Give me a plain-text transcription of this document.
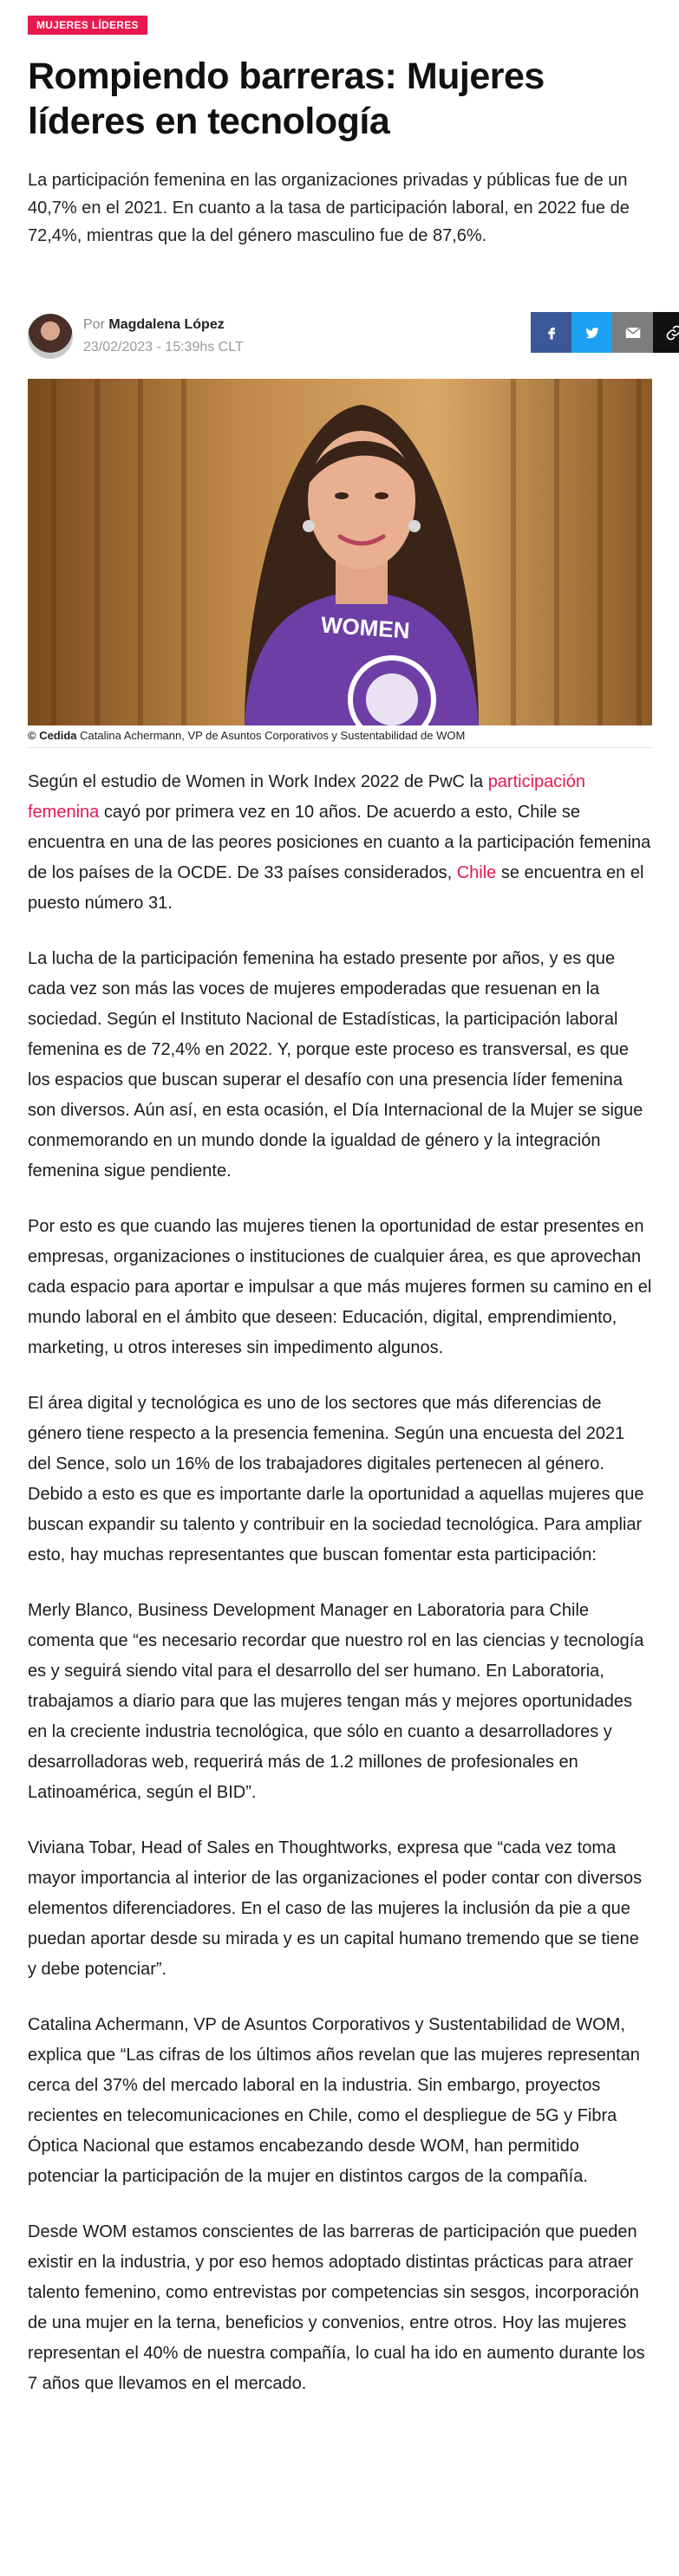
MUJERES LÍDERES
Rompiendo barreras: Mujeres líderes en tecnología

La participación femenina en las organizaciones privadas y públicas fue de un 40,7% en el 2021. En cuanto a la tasa de participación laboral, en 2022 fue de 72,4%, mientras que la del género masculino fue de 87,6%.

Por Magdalena López
23/02/2023 - 15:39hs CLT
WOMEN
© Cedida Catalina Achermann, VP de Asuntos Corporativos y Sustentabilidad de WOM

Según el estudio de Women in Work Index 2022 de PwC la participación femenina cayó por primera vez en 10 años. De acuerdo a esto, Chile se encuentra en una de las peores posiciones en cuanto a la participación femenina de los países de la OCDE. De 33 países considerados, Chile se encuentra en el puesto número 31.

La lucha de la participación femenina ha estado presente por años, y es que cada vez son más las voces de mujeres empoderadas que resuenan en la sociedad. Según el Instituto Nacional de Estadísticas, la participación laboral femenina es de 72,4% en 2022. Y, porque este proceso es transversal, es que los espacios que buscan superar el desafío con una presencia líder femenina son diversos. Aún así, en esta ocasión, el Día Internacional de la Mujer se sigue conmemorando en un mundo donde la igualdad de género y la integración femenina sigue pendiente.

Por esto es que cuando las mujeres tienen la oportunidad de estar presentes en empresas, organizaciones o instituciones de cualquier área, es que aprovechan cada espacio para aportar e impulsar a que más mujeres formen su camino en el mundo laboral en el ámbito que deseen: Educación, digital, emprendimiento, marketing, u otros intereses sin impedimento algunos.

El área digital y tecnológica es uno de los sectores que más diferencias de género tiene respecto a la presencia femenina. Según una encuesta del 2021 del Sence, solo un 16% de los trabajadores digitales pertenecen al género. Debido a esto es que es importante darle la oportunidad a aquellas mujeres que buscan expandir su talento y contribuir en la sociedad tecnológica. Para ampliar esto, hay muchas representantes que buscan fomentar esta participación:

Merly Blanco, Business Development Manager en Laboratoria para Chile comenta que “es necesario recordar que nuestro rol en las ciencias y tecnología es y seguirá siendo vital para el desarrollo del ser humano. En Laboratoria, trabajamos a diario para que las mujeres tengan más y mejores oportunidades en la creciente industria tecnológica, que sólo en cuanto a desarrolladores y desarrolladoras web, requerirá más de 1.2 millones de profesionales en Latinoamérica, según el BID”.

Viviana Tobar, Head of Sales en Thoughtworks, expresa que “cada vez toma mayor importancia al interior de las organizaciones el poder contar con diversos elementos diferenciadores. En el caso de las mujeres la inclusión da pie a que puedan aportar desde su mirada y es un capital humano tremendo que se tiene y debe potenciar”.

Catalina Achermann, VP de Asuntos Corporativos y Sustentabilidad de WOM, explica que “Las cifras de los últimos años revelan que las mujeres representan cerca del 37% del mercado laboral en la industria. Sin embargo, proyectos recientes en telecomunicaciones en Chile, como el despliegue de 5G y Fibra Óptica Nacional que estamos encabezando desde WOM, han permitido potenciar la participación de la mujer en distintos cargos de la compañía.

Desde WOM estamos conscientes de las barreras de participación que pueden existir en la industria, y por eso hemos adoptado distintas prácticas para atraer talento femenino, como entrevistas por competencias sin sesgos, incorporación de una mujer en la terna, beneficios y convenios, entre otros. Hoy las mujeres representan el 40% de nuestra compañía, lo cual ha ido en aumento durante los 7 años que llevamos en el mercado.
